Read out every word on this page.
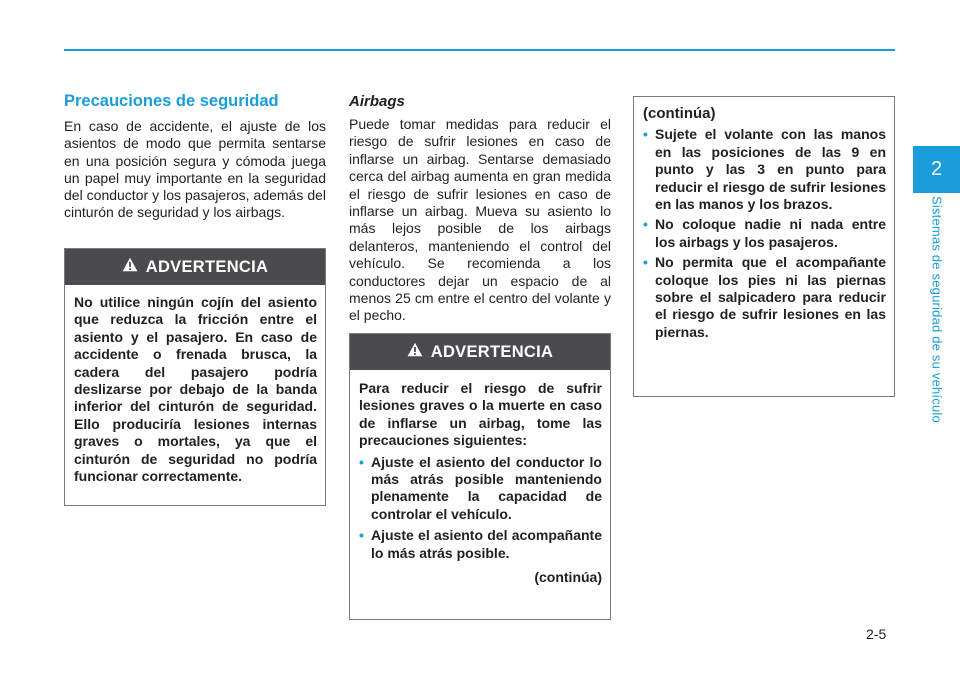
2
Sistemas de seguridad de su vehículo
Precauciones de seguridad
En caso de accidente, el ajuste de los asientos de modo que permita sentarse en una posición segura y cómoda juega un papel muy importante en la seguridad del conductor y los pasajeros, además del cinturón de seguridad y los airbags.
ADVERTENCIA
No utilice ningún cojín del asiento que reduzca la fricción entre el asiento y el pasajero. En caso de accidente o frenada brusca, la cadera del pasajero podría deslizarse por debajo de la banda inferior del cinturón de seguridad. Ello produciría lesiones internas graves o mortales, ya que el cinturón de seguridad no podría funcionar correctamente.
Airbags
Puede tomar medidas para reducir el riesgo de sufrir lesiones en caso de inflarse un airbag. Sentarse demasiado cerca del airbag aumenta en gran medida el riesgo de sufrir lesiones en caso de inflarse un airbag. Mueva su asiento lo más lejos posible de los airbags delanteros, manteniendo el control del vehículo. Se recomienda a los conductores dejar un espacio de al menos 25 cm entre el centro del volante y el pecho.
ADVERTENCIA
Para reducir el riesgo de sufrir lesiones graves o la muerte en caso de inflarse un airbag, tome las precauciones siguientes:
• Ajuste el asiento del conductor lo más atrás posible manteniendo plenamente la capacidad de controlar el vehículo.
• Ajuste el asiento del acompañante lo más atrás posible.
(continúa)
(continúa)
• Sujete el volante con las manos en las posiciones de las 9 en punto y las 3 en punto para reducir el riesgo de sufrir lesiones en las manos y los brazos.
• No coloque nadie ni nada entre los airbags y los pasajeros.
• No permita que el acompañante coloque los pies ni las piernas sobre el salpicadero para reducir el riesgo de sufrir lesiones en las piernas.
2-5
